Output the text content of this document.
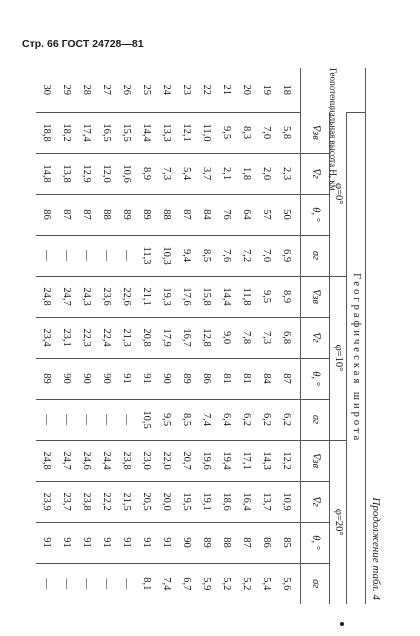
Стр. 66 ГОСТ 24728—81
Продолжение табл. 4
Геопотенциальная высота H, км	Географическая широта											
	φ=0°				φ=10°				φ=20°			
	V̅зв	V̅г	θ, °	σг	V̅зв	V̅г	θ, °	σг	V̅зв	V̅г	θ, °	σг
18	5,8	2,3	50	6,9	8,9	6,8	87	6,2	12,2	10,9	85	5,6
19	7,0	2,0	57	7,0	9,5	7,3	84	6,2	14,3	13,7	86	5,4
20	8,3	1,8	64	7,2	11,8	7,8	81	6,2	17,1	16,4	87	5,2
21	9,5	2,1	76	7,6	14,4	9,0	81	6,4	19,4	18,6	88	5,2
22	11,0	3,7	84	8,5	15,8	12,8	86	7,4	19,6	19,1	89	5,9
23	12,1	5,4	87	9,4	17,6	16,7	89	8,5	20,7	19,5	90	6,7
24	13,3	7,3	88	10,3	19,3	17,9	90	9,5	22,0	20,0	91	7,4
25	14,4	8,9	89	11,3	21,1	20,8	91	10,5	23,0	20,5	91	8,1
26	15,5	10,6	89	—	22,6	21,3	91	—	23,8	21,5	91	—
27	16,5	12,0	88	—	23,6	22,4	90	—	24,4	22,2	91	—
28	17,4	12,9	87	—	24,3	22,3	90	—	24,6	23,8	91	—
29	18,2	13,8	87	—	24,7	23,1	90	—	24,7	23,7	91	—
30	18,8	14,8	86	—	24,8	23,4	89	—	24,8	23,9	91	—
